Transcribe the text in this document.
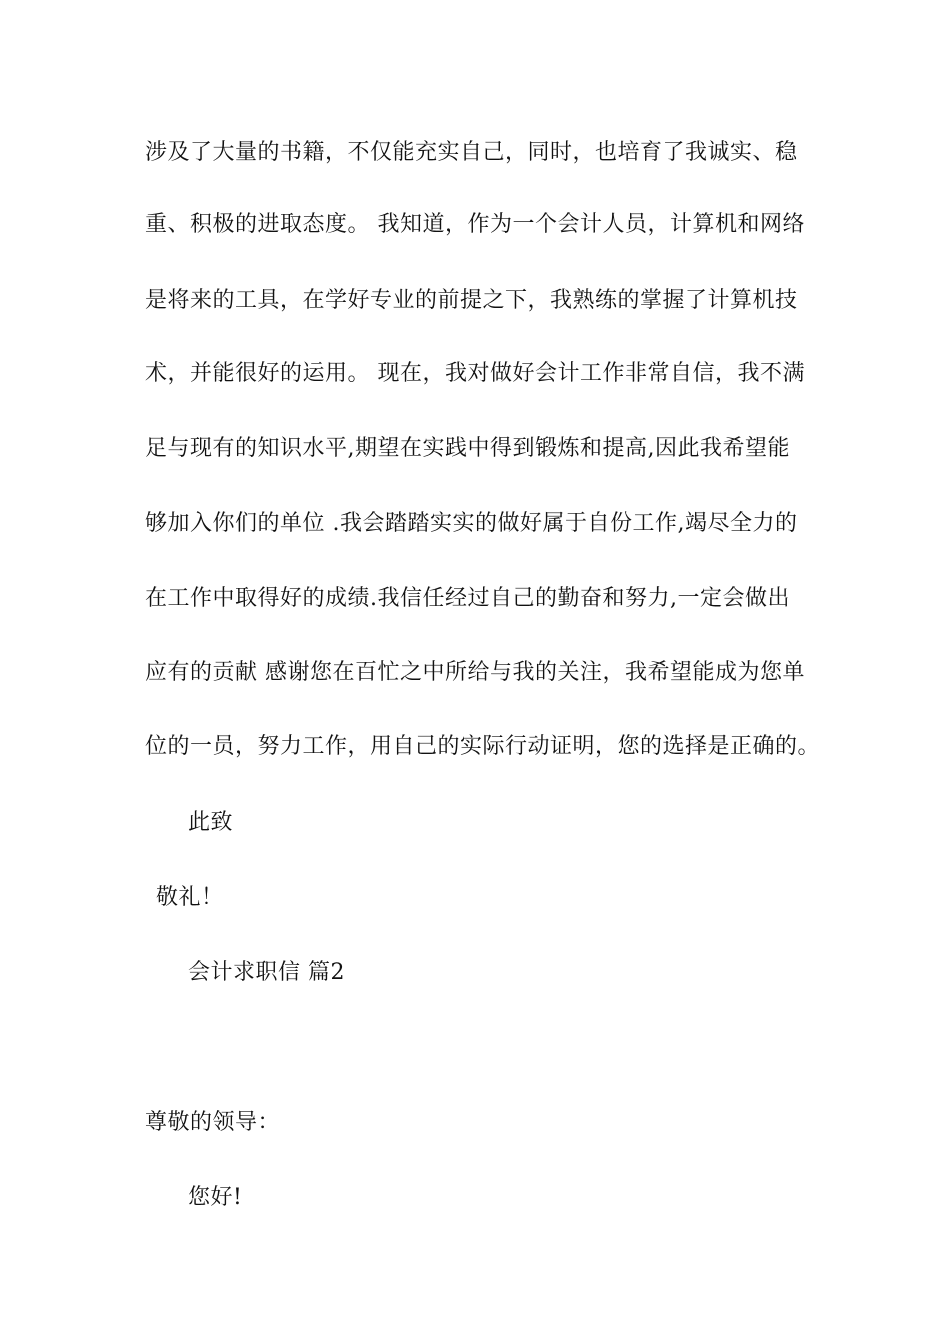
涉及了大量的书籍，不仅能充实自己，同时，也培育了我诚实、稳
重、积极的进取态度。 我知道，作为一个会计人员，计算机和网络
是将来的工具，在学好专业的前提之下，我熟练的掌握了计算机技
术，并能很好的运用。 现在，我对做好会计工作非常自信，我不满
足与现有的知识水平,期望在实践中得到锻炼和提高,因此我希望能
够加入你们的单位 .我会踏踏实实的做好属于自份工作,竭尽全力的
在工作中取得好的成绩.我信任经过自己的勤奋和努力,一定会做出
应有的贡献 感谢您在百忙之中所给与我的关注，我希望能成为您单
位的一员，努力工作，用自己的实际行动证明，您的选择是正确的。
此致
敬礼！
会计求职信 篇2
尊敬的领导：
您好!
